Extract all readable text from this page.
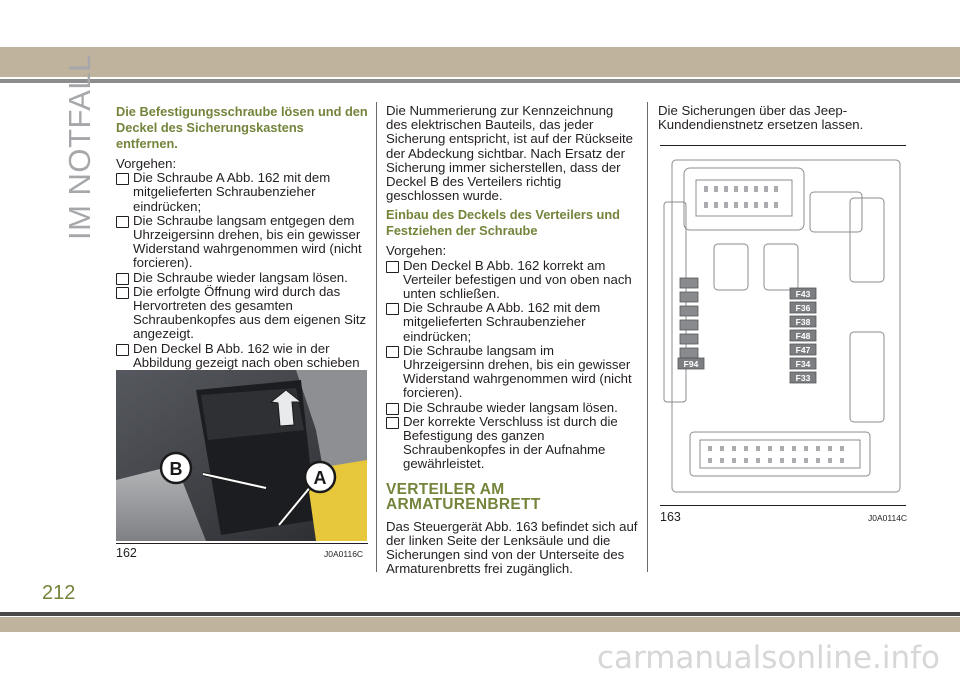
IM NOTFALL Die Befestigungsschraube lösen und den Deckel des Sicherungskastens entfernen.
Vorgehen:
Die Schraube A Abb. 162 mit dem mitgelieferten Schraubenzieher eindrücken;
Die Schraube langsam entgegen dem Uhrzeigersinn drehen, bis ein gewisser Widerstand wahrgenommen wird (nicht forcieren).
Die Schraube wieder langsam lösen.
Die erfolgte Öffnung wird durch das Hervortreten des gesamten Schraubenkopfes aus dem eigenen Sitz angezeigt.
Den Deckel B Abb. 162 wie in der Abbildung gezeigt nach oben schieben
B	A
162	J0A0116C
Die Nummerierung zur Kennzeichnung des elektrischen Bauteils, das jeder Sicherung entspricht, ist auf der Rückseite der Abdeckung sichtbar. Nach Ersatz der Sicherung immer sicherstellen, dass der Deckel B des Verteilers richtig geschlossen wurde.
Einbau des Deckels des Verteilers und Festziehen der Schraube
Vorgehen:
Den Deckel B Abb. 162 korrekt am Verteiler befestigen und von oben nach unten schließen.
Die Schraube A Abb. 162 mit dem mitgelieferten Schraubenzieher eindrücken;
Die Schraube langsam im Uhrzeigersinn drehen, bis ein gewisser Widerstand wahrgenommen wird (nicht forcieren).
Die Schraube wieder langsam lösen.
Der korrekte Verschluss ist durch die Befestigung des ganzen Schraubenkopfes in der Aufnahme gewährleistet.
VERTEILER AM ARMATURENBRETT
Das Steuergerät Abb. 163 befindet sich auf der linken Seite der Lenksäule und die Sicherungen sind von der Unterseite des Armaturenbretts frei zugänglich.
Die Sicherungen über das Jeep-Kundendienstnetz ersetzen lassen.
F43
F36
F38
F48
F47
F34
F33
F94
163	J0A0114C
212
carmanualsonline.info
